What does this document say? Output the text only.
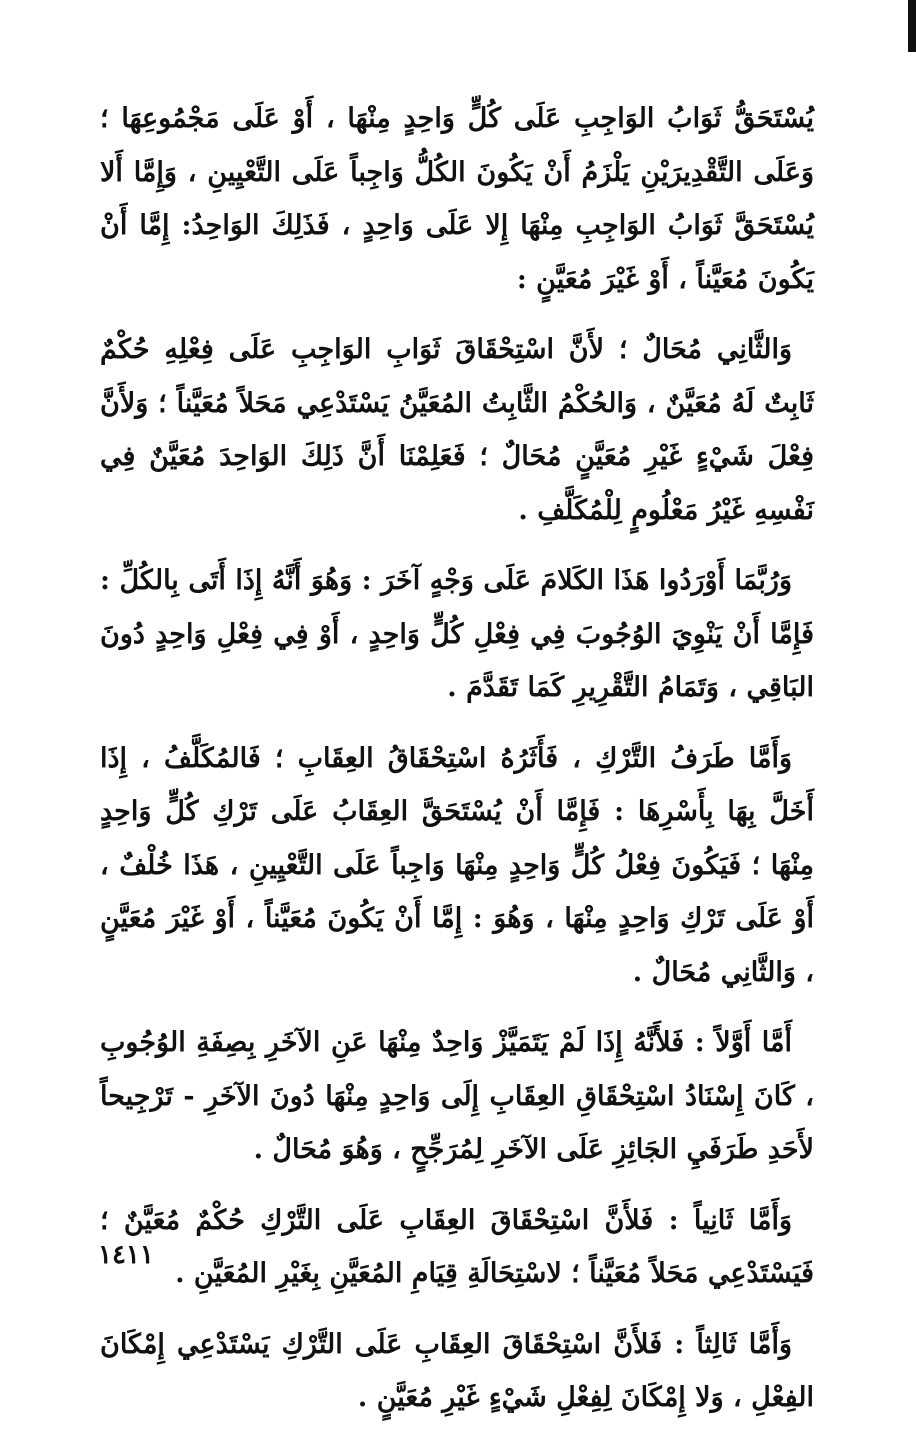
يُسْتَحَقُّ ثَوَابُ الوَاجِبِ عَلَى كُلٍّ وَاحِدٍ مِنْهَا ، أَوْ عَلَى مَجْمُوعِهَا ؛ وَعَلَى التَّقْدِيرَيْنِ يَلْزَمُ أَنْ يَكُونَ الكُلُّ وَاجِباً عَلَى التَّعْيِينِ ، وَإِمَّا أَلا يُسْتَحَقَّ ثَوَابُ الوَاجِبِ مِنْهَا إِلا عَلَى وَاحِدٍ ، فَذَلِكَ الوَاحِدُ: إِمَّا أَنْ يَكُونَ مُعَيَّناً ، أَوْ غَيْرَ مُعَيَّنٍ :

وَالثَّانِي مُحَالٌ ؛ لأَنَّ اسْتِحْقَاقَ ثَوَابِ الوَاجِبِ عَلَى فِعْلِهِ حُكْمٌ ثَابِتٌ لَهُ مُعَيَّنٌ ، وَالحُكْمُ الثَّابِتُ المُعَيَّنُ يَسْتَدْعِي مَحَلاً مُعَيَّناً ؛ وَلأَنَّ فِعْلَ شَيْءٍ غَيْرِ مُعَيَّنٍ مُحَالٌ ؛ فَعَلِمْنَا أَنَّ ذَلِكَ الوَاحِدَ مُعَيَّنٌ فِي نَفْسِهِ غَيْرُ مَعْلُومٍ لِلْمُكَلَّفِ .

وَرُبَّمَا أَوْرَدُوا هَذَا الكَلامَ عَلَى وَجْهٍ آخَرَ : وَهُوَ أَنَّهُ إِذَا أَتَى بِالكُلِّ : فَإِمَّا أَنْ يَنْوِيَ الوُجُوبَ فِي فِعْلِ كُلٍّ وَاحِدٍ ، أَوْ فِي فِعْلِ وَاحِدٍ دُونَ البَاقِي ، وَتَمَامُ التَّقْرِيرِ كَمَا تَقَدَّمَ .

وَأَمَّا طَرَفُ التَّرْكِ ، فَأَثَرُهُ اسْتِحْقَاقُ العِقَابِ ؛ فَالمُكَلَّفُ ، إِذَا أَخَلَّ بِهَا بِأَسْرِهَا : فَإِمَّا أَنْ يُسْتَحَقَّ العِقَابُ عَلَى تَرْكِ كُلٍّ وَاحِدٍ مِنْهَا ؛ فَيَكُونَ فِعْلُ كُلٍّ وَاحِدٍ مِنْهَا وَاجِباً عَلَى التَّعْيِينِ ، هَذَا خُلْفٌ ، أَوْ عَلَى تَرْكِ وَاحِدٍ مِنْهَا ، وَهُوَ : إِمَّا أَنْ يَكُونَ مُعَيَّناً ، أَوْ غَيْرَ مُعَيَّنٍ ، وَالثَّانِي مُحَالٌ .

أَمَّا أَوَّلاً : فَلأَنَّهُ إِذَا لَمْ يَتَمَيَّزْ وَاحِدٌ مِنْهَا عَنِ الآخَرِ بِصِفَةِ الوُجُوبِ ، كَانَ إِسْنَادُ اسْتِحْقَاقِ العِقَابِ إِلَى وَاحِدٍ مِنْهَا دُونَ الآخَرِ - تَرْجِيحاً لأَحَدِ طَرَفَيِ الجَائِزِ عَلَى الآخَرِ لِمُرَجِّحٍ ، وَهُوَ مُحَالٌ .

وَأَمَّا ثَانِياً : فَلأَنَّ اسْتِحْقَاقَ العِقَابِ عَلَى التَّرْكِ حُكْمٌ مُعَيَّنٌ ؛ فَيَسْتَدْعِي مَحَلاً مُعَيَّناً ؛ لاسْتِحَالَةِ قِيَامِ المُعَيَّنِ بِغَيْرِ المُعَيَّنِ .

وَأَمَّا ثَالِثاً : فَلأَنَّ اسْتِحْقَاقَ العِقَابِ عَلَى التَّرْكِ يَسْتَدْعِي إِمْكَانَ الفِعْلِ ، وَلا إِمْكَانَ لِفِعْلِ شَيْءٍ غَيْرِ مُعَيَّنٍ .

١٤١١
